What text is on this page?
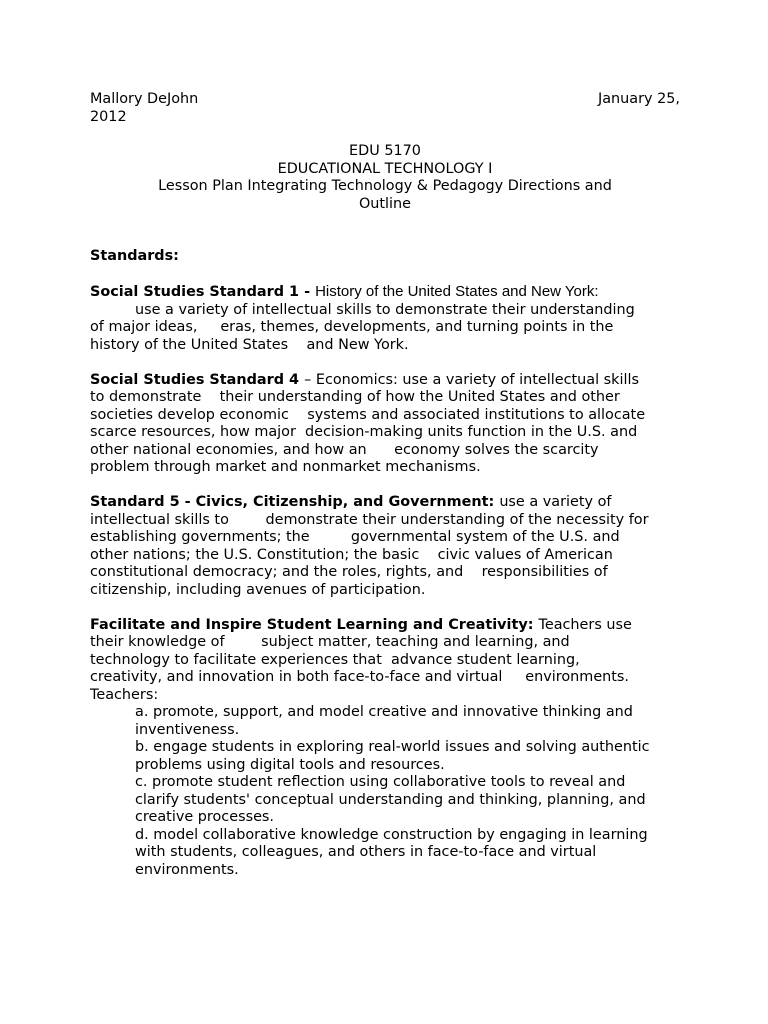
Mallory DeJohn	January 25,
2012
EDU 5170
EDUCATIONAL TECHNOLOGY I
Lesson Plan Integrating Technology & Pedagogy Directions and
Outline
Standards:
Social Studies Standard 1 - History of the United States and New York:
use a variety of intellectual skills to demonstrate their understanding
of major ideas,     eras, themes, developments, and turning points in the
history of the United States    and New York.
Social Studies Standard 4 – Economics: use a variety of intellectual skills
to demonstrate    their understanding of how the United States and other
societies develop economic    systems and associated institutions to allocate
scarce resources, how major  decision-making units function in the U.S. and
other national economies, and how an      economy solves the scarcity
problem through market and nonmarket mechanisms.
Standard 5 - Civics, Citizenship, and Government: use a variety of
intellectual skills to        demonstrate their understanding of the necessity for
establishing governments; the         governmental system of the U.S. and
other nations; the U.S. Constitution; the basic    civic values of American
constitutional democracy; and the roles, rights, and    responsibilities of
citizenship, including avenues of participation.
Facilitate and Inspire Student Learning and Creativity: Teachers use
their knowledge of        subject matter, teaching and learning, and
technology to facilitate experiences that  advance student learning,
creativity, and innovation in both face-to-face and virtual     environments.
Teachers:
a. promote, support, and model creative and innovative thinking and
inventiveness.
b. engage students in exploring real-world issues and solving authentic
problems using digital tools and resources.
c. promote student reflection using collaborative tools to reveal and
clarify students' conceptual understanding and thinking, planning, and
creative processes.
d. model collaborative knowledge construction by engaging in learning
with students, colleagues, and others in face-to-face and virtual
environments.
